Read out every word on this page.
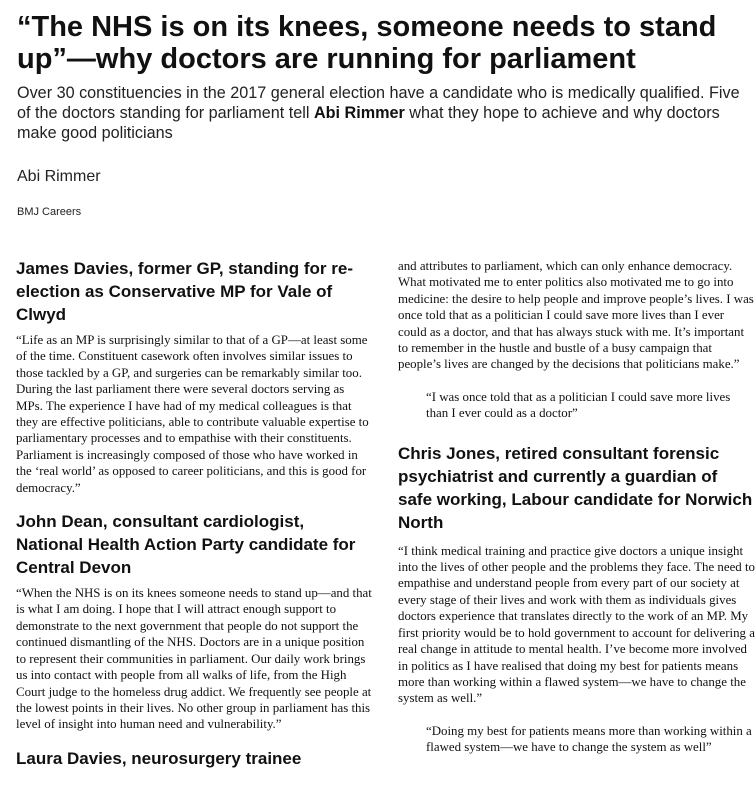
“The NHS is on its knees, someone needs to stand up”—why doctors are running for parliament

Over 30 constituencies in the 2017 general election have a candidate who is medically qualified. Five of the doctors standing for parliament tell Abi Rimmer what they hope to achieve and why doctors make good politicians

Abi Rimmer
BMJ Careers
James Davies, former GP, standing for re-election as Conservative MP for Vale of Clwyd

“Life as an MP is surprisingly similar to that of a GP—at least some of the time. Constituent casework often involves similar issues to those tackled by a GP, and surgeries can be remarkably similar too. During the last parliament there were several doctors serving as MPs. The experience I have had of my medical colleagues is that they are effective politicians, able to contribute valuable expertise to parliamentary processes and to empathise with their constituents. Parliament is increasingly composed of those who have worked in the ‘real world’ as opposed to career politicians, and this is good for democracy.”

John Dean, consultant cardiologist, National Health Action Party candidate for Central Devon

“When the NHS is on its knees someone needs to stand up—and that is what I am doing. I hope that I will attract enough support to demonstrate to the next government that people do not support the continued dismantling of the NHS. Doctors are in a unique position to represent their communities in parliament. Our daily work brings us into contact with people from all walks of life, from the High Court judge to the homeless drug addict. We frequently see people at the lowest points in their lives. No other group in parliament has this level of insight into human need and vulnerability.”

Laura Davies, neurosurgery trainee

and attributes to parliament, which can only enhance democracy. What motivated me to enter politics also motivated me to go into medicine: the desire to help people and improve people’s lives. I was once told that as a politician I could save more lives than I ever could as a doctor, and that has always stuck with me. It’s important to remember in the hustle and bustle of a busy campaign that people’s lives are changed by the decisions that politicians make.”

“I was once told that as a politician I could save more lives than I ever could as a doctor”

Chris Jones, retired consultant forensic psychiatrist and currently a guardian of safe working, Labour candidate for Norwich North

“I think medical training and practice give doctors a unique insight into the lives of other people and the problems they face. The need to empathise and understand people from every part of our society at every stage of their lives and work with them as individuals gives doctors experience that translates directly to the work of an MP. My first priority would be to hold government to account for delivering a real change in attitude to mental health. I’ve become more involved in politics as I have realised that doing my best for patients means more than working within a flawed system—we have to change the system as well.”

“Doing my best for patients means more than working within a flawed system—we have to change the system as well”
